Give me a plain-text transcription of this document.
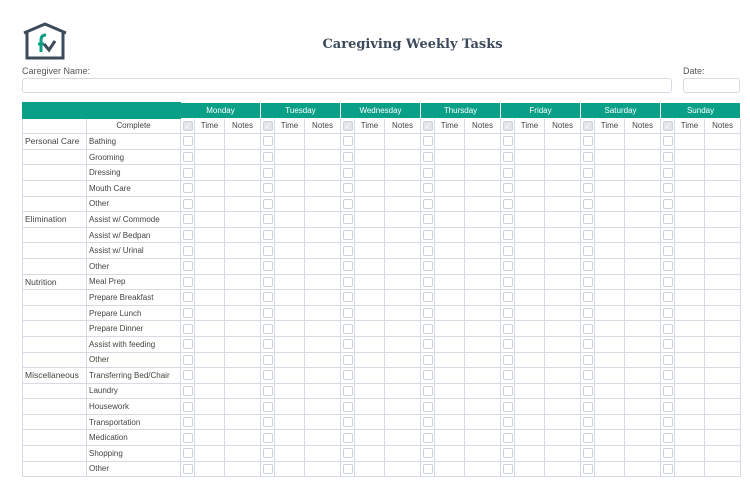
Caregiving Weekly Tasks
Caregiver Name:	Date:
		Monday			Tuesday			Wednesday			Thursday			Friday			Saturday			Sunday		
	Complete	✓	Time	Notes	✓	Time	Notes	✓	Time	Notes	✓	Time	Notes	✓	Time	Notes	✓	Time	Notes	✓	Time	Notes
Personal Care	Bathing																					
	Grooming																					
	Dressing																					
	Mouth Care																					
	Other																					
Elimination	Assist w/ Commode																					
	Assist w/ Bedpan																					
	Assist w/ Urinal																					
	Other																					
Nutrition	Meal Prep																					
	Prepare Breakfast																					
	Prepare Lunch																					
	Prepare Dinner																					
	Assist with feeding																					
	Other																					
Miscellaneous	Transferring Bed/Chair																					
	Laundry																					
	Housework																					
	Transportation																					
	Medication																					
	Shopping																					
	Other																					
